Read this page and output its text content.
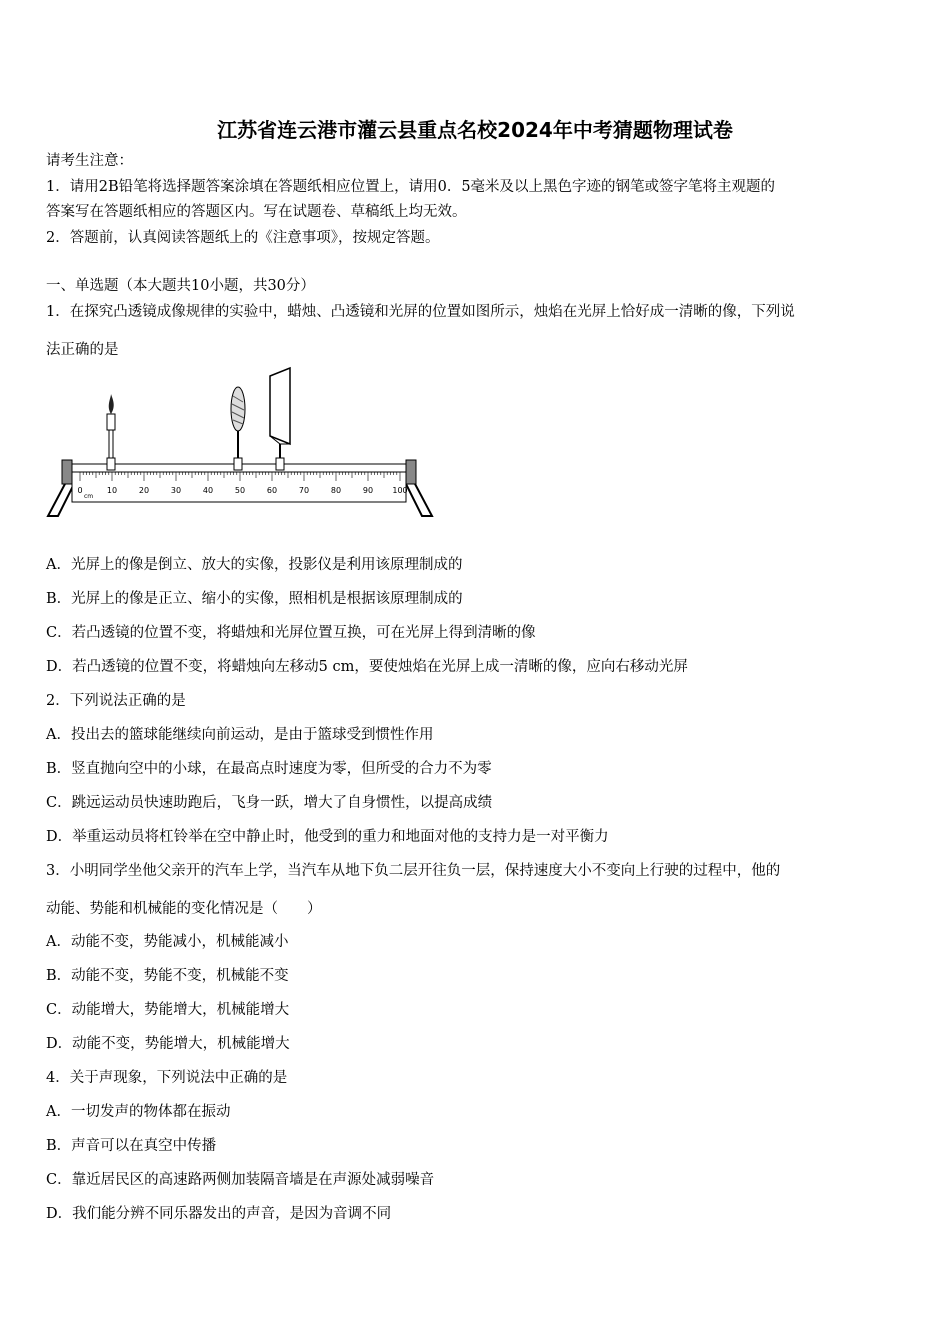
江苏省连云港市灌云县重点名校2024年中考猜题物理试卷
请考生注意：
1．请用2B铅笔将选择题答案涂填在答题纸相应位置上，请用0．5毫米及以上黑色字迹的钢笔或签字笔将主观题的
答案写在答题纸相应的答题区内。写在试题卷、草稿纸上均无效。
2．答题前，认真阅读答题纸上的《注意事项》，按规定答题。
一、单选题（本大题共10小题，共30分）
1．在探究凸透镜成像规律的实验中，蜡烛、凸透镜和光屏的位置如图所示，烛焰在光屏上恰好成一清晰的像，下列说
法正确的是
0	10	20	30	40	50	60	70	80	90 100
cm
A．光屏上的像是倒立、放大的实像，投影仪是利用该原理制成的
B．光屏上的像是正立、缩小的实像，照相机是根据该原理制成的
C．若凸透镜的位置不变，将蜡烛和光屏位置互换，可在光屏上得到清晰的像
D．若凸透镜的位置不变，将蜡烛向左移动5 cm，要使烛焰在光屏上成一清晰的像，应向右移动光屏
2．下列说法正确的是
A．投出去的篮球能继续向前运动，是由于篮球受到惯性作用
B．竖直抛向空中的小球，在最高点时速度为零，但所受的合力不为零
C．跳远运动员快速助跑后，飞身一跃，增大了自身惯性，以提高成绩
D．举重运动员将杠铃举在空中静止时，他受到的重力和地面对他的支持力是一对平衡力
3．小明同学坐他父亲开的汽车上学，当汽车从地下负二层开往负一层，保持速度大小不变向上行驶的过程中，他的
动能、势能和机械能的变化情况是（　　）
A．动能不变，势能减小，机械能减小
B．动能不变，势能不变，机械能不变
C．动能增大，势能增大，机械能增大
D．动能不变，势能增大，机械能增大
4．关于声现象，下列说法中正确的是
A．一切发声的物体都在振动
B．声音可以在真空中传播
C．靠近居民区的高速路两侧加装隔音墙是在声源处减弱噪音
D．我们能分辨不同乐器发出的声音，是因为音调不同
